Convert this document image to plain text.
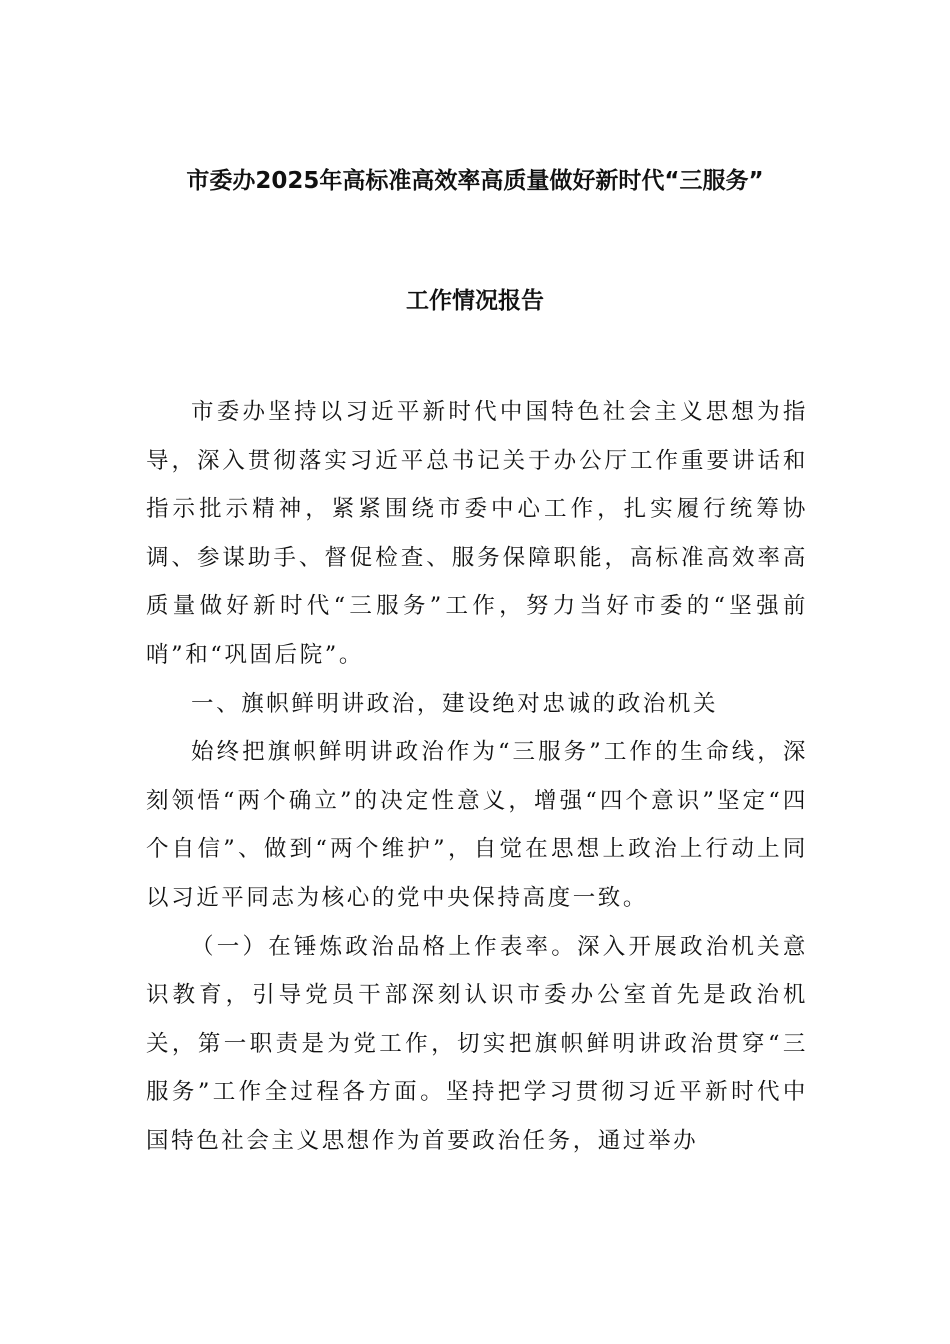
市委办2025年高标准高效率高质量做好新时代“三服务”
工作情况报告

市委办坚持以习近平新时代中国特色社会主义思想为指导，深入贯彻落实习近平总书记关于办公厅工作重要讲话和指示批示精神，紧紧围绕市委中心工作，扎实履行统筹协调、参谋助手、督促检查、服务保障职能，高标准高效率高质量做好新时代“三服务”工作，努力当好市委的“坚强前哨”和“巩固后院”。

一、旗帜鲜明讲政治，建设绝对忠诚的政治机关

始终把旗帜鲜明讲政治作为“三服务”工作的生命线，深刻领悟“两个确立”的决定性意义，增强“四个意识”坚定“四个自信”、做到“两个维护”，自觉在思想上政治上行动上同以习近平同志为核心的党中央保持高度一致。

（一）在锤炼政治品格上作表率。深入开展政治机关意识教育，引导党员干部深刻认识市委办公室首先是政治机关，第一职责是为党工作，切实把旗帜鲜明讲政治贯穿“三服务”工作全过程各方面。坚持把学习贯彻习近平新时代中国特色社会主义思想作为首要政治任务，通过举办
